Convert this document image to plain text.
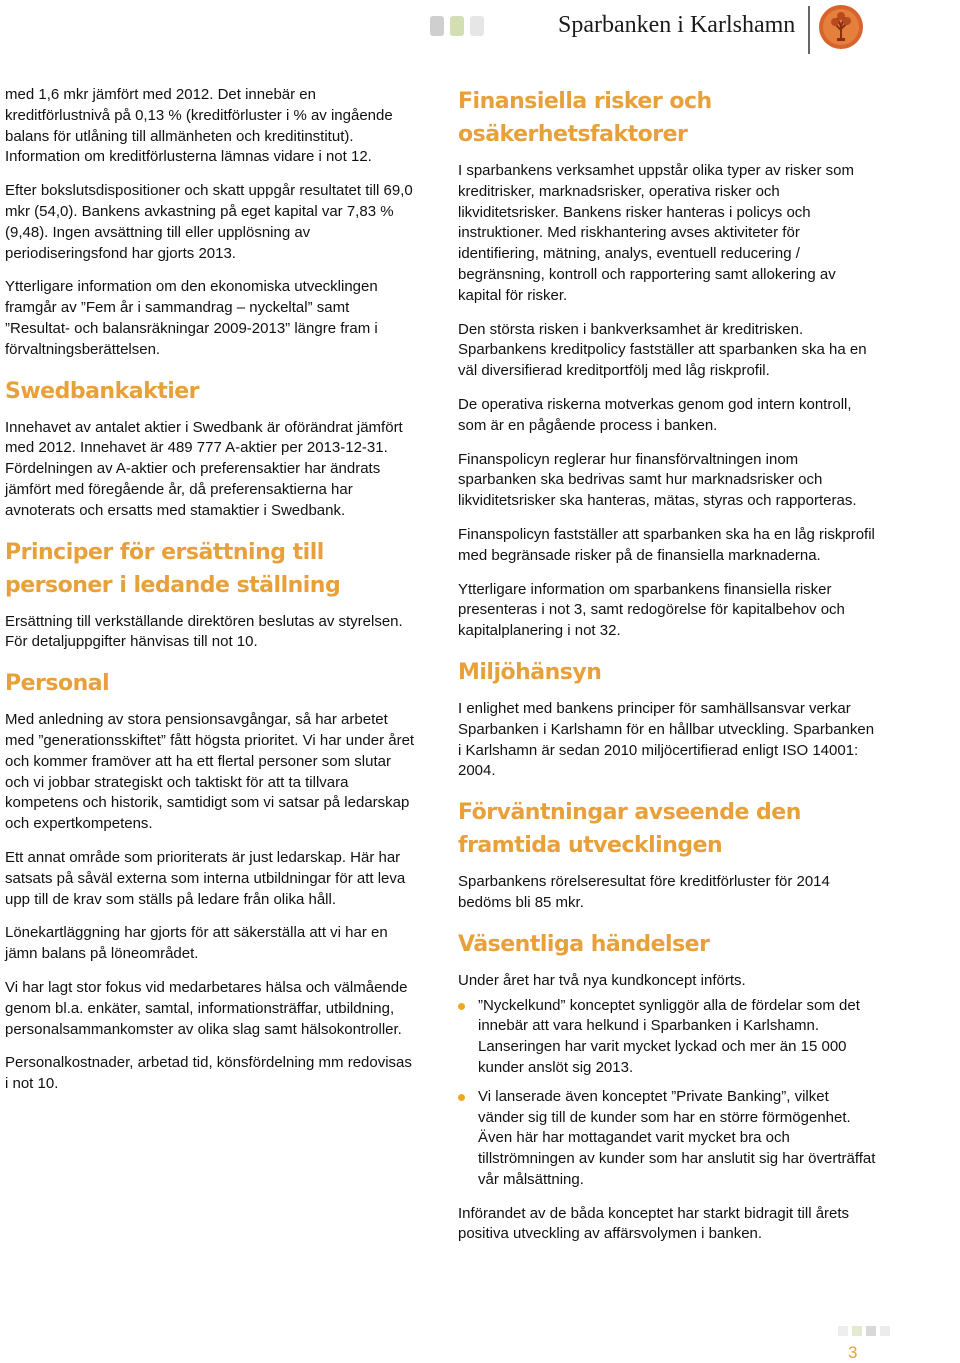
Sparbanken i Karlshamn

med 1,6 mkr jämfört med 2012. Det innebär en kreditförlustnivå på 0,13 % (kreditförluster i % av ingående balans för utlåning till allmänheten och kreditinstitut). Information om kreditförlusterna lämnas vidare i not 12.

Efter bokslutsdispositioner och skatt uppgår resultatet till 69,0 mkr (54,0). Bankens avkastning på eget kapital var 7,83 % (9,48). Ingen avsättning till eller upplösning av periodiseringsfond har gjorts 2013.

Ytterligare information om den ekonomiska utvecklingen framgår av ”Fem år i sammandrag – nyckeltal” samt ”Resultat- och balansräkningar 2009-2013” längre fram i förvaltningsberättelsen.

Swedbankaktier

Innehavet av antalet aktier i Swedbank är oförändrat jämfört med 2012. Innehavet är 489 777 A-aktier per 2013-12-31. Fördelningen av A-aktier och preferensaktier har ändrats jämfört med föregående år, då preferensaktierna har avnoterats och ersatts med stamaktier i Swedbank.

Principer för ersättning till personer i ledande ställning

Ersättning till verkställande direktören beslutas av styrelsen. För detaljuppgifter hänvisas till not 10.

Personal

Med anledning av stora pensionsavgångar, så har arbetet med ”generationsskiftet” fått högsta prioritet. Vi har under året och kommer framöver att ha ett flertal personer som slutar och vi jobbar strategiskt och taktiskt för att ta tillvara kompetens och historik, samtidigt som vi satsar på ledarskap och expertkompetens.

Ett annat område som prioriterats är just ledarskap. Här har satsats på såväl externa som interna utbildningar för att leva upp till de krav som ställs på ledare från olika håll.

Lönekartläggning har gjorts för att säkerställa att vi har en jämn balans på löneområdet.

Vi har lagt stor fokus vid medarbetares hälsa och välmående genom bl.a. enkäter, samtal, informationsträffar, utbildning, personalsammankomster av olika slag samt hälsokontroller.

Personalkostnader, arbetad tid, könsfördelning mm redovisas i not 10.

Finansiella risker och osäkerhetsfaktorer

I sparbankens verksamhet uppstår olika typer av risker som kreditrisker, marknadsrisker, operativa risker och likviditetsrisker. Bankens risker hanteras i policys och instruktioner. Med riskhantering avses aktiviteter för identifiering, mätning, analys, eventuell reducering / begränsning, kontroll och rapportering samt allokering av kapital för risker.

Den största risken i bankverksamhet är kreditrisken. Sparbankens kreditpolicy fastställer att sparbanken ska ha en väl diversifierad kreditportfölj med låg riskprofil.

De operativa riskerna motverkas genom god intern kontroll, som är en pågående process i banken.

Finanspolicyn reglerar hur finansförvaltningen inom sparbanken ska bedrivas samt hur marknadsrisker och likviditetsrisker ska hanteras, mätas, styras och rapporteras.

Finanspolicyn fastställer att sparbanken ska ha en låg riskprofil med begränsade risker på de finansiella marknaderna.

Ytterligare information om sparbankens finansiella risker presenteras i not 3, samt redogörelse för kapitalbehov och kapitalplanering i not 32.

Miljöhänsyn

I enlighet med bankens principer för samhällsansvar verkar Sparbanken i Karlshamn för en hållbar utveckling. Sparbanken i Karlshamn är sedan 2010 miljöcertifierad enligt ISO 14001: 2004.

Förväntningar avseende den framtida utvecklingen

Sparbankens rörelseresultat före kreditförluster för 2014 bedöms bli 85 mkr.

Väsentliga händelser

Under året har två nya kundkoncept införts.

”Nyckelkund” konceptet synliggör alla de fördelar som det innebär att vara helkund i Sparbanken i Karlshamn. Lanseringen har varit mycket lyckad och mer än 15 000 kunder anslöt sig 2013.
Vi lanserade även konceptet ”Private Banking”, vilket vänder sig till de kunder som har en större förmögenhet. Även här har mottagandet varit mycket bra och tillströmningen av kunder som har anslutit sig har överträffat vår målsättning.

Införandet av de båda konceptet har starkt bidragit till årets positiva utveckling av affärsvolymen i banken.

3
